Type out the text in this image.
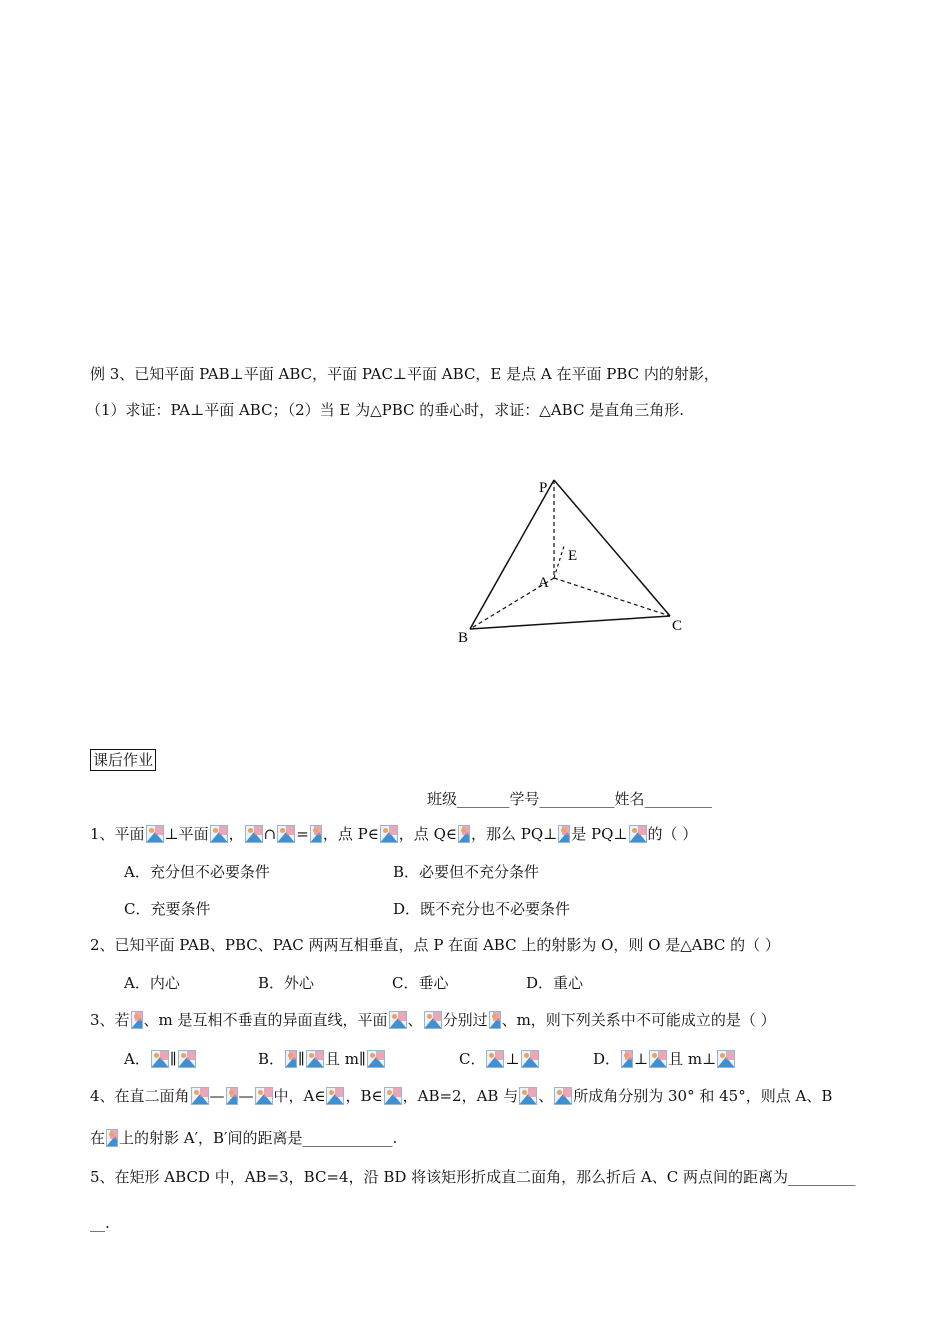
例 3、已知平面 PAB⊥平面 ABC，平面 PAC⊥平面 ABC，E 是点 A 在平面 PBC 内的射影，
（1）求证：PA⊥平面 ABC；（2）当 E 为△PBC 的垂心时，求证：△ABC 是直角三角形.
P
E
A
B
C
课后作业
班级_______学号__________姓名_________
1、平面 ⊥平面 ， ∩ = ，点 P∈ ，点 Q∈ ，那么 PQ⊥ 是 PQ⊥ 的（ ）
A．充分但不必要条件	B．必要但不充分条件
C．充要条件	D．既不充分也不必要条件
2、已知平面 PAB、PBC、PAC 两两互相垂直，点 P 在面 ABC 上的射影为 O，则 O 是△ABC 的（ ）
A．内心	B．外心	C．垂心	D．重心
3、若 、m 是互相不垂直的异面直线，平面 、 分别过 、m，则下列关系中不可能成立的是（ ）
A． ∥	B． ∥ 且 m∥	C． ⊥	D． ⊥ 且 m⊥
4、在直二面角 — — 中，A∈ ，B∈ ，AB=2，AB 与 、 所成角分别为 30° 和 45°，则点 A、B
在 上的射影 A′，B′间的距离是____________.
5、在矩形 ABCD 中，AB=3，BC=4，沿 BD 将该矩形折成直二面角，那么折后 A、C 两点间的距离为_________
__.
